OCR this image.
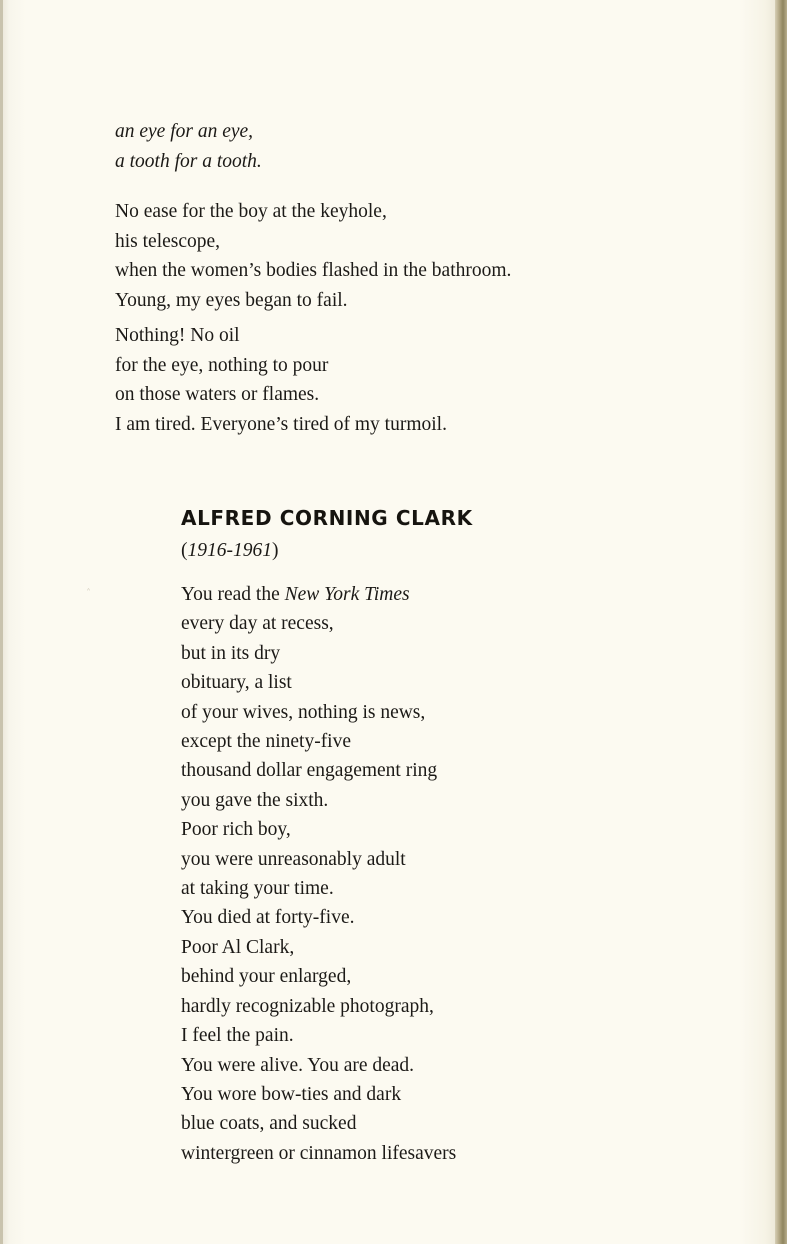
an eye for an eye,
a tooth for a tooth.
No ease for the boy at the keyhole,
his telescope,
when the women’s bodies flashed in the bathroom.
Young, my eyes began to fail.
Nothing! No oil
for the eye, nothing to pour
on those waters or flames.
I am tired. Everyone’s tired of my turmoil.
ALFRED CORNING CLARK

(1916-1961)

˄	You read the New York Times
every day at recess,
but in its dry
obituary, a list
of your wives, nothing is news,
except the ninety-five
thousand dollar engagement ring
you gave the sixth.
Poor rich boy,
you were unreasonably adult
at taking your time.
You died at forty-five.
Poor Al Clark,
behind your enlarged,
hardly recognizable photograph,
I feel the pain.
You were alive. You are dead.
You wore bow-ties and dark
blue coats, and sucked
wintergreen or cinnamon lifesavers
